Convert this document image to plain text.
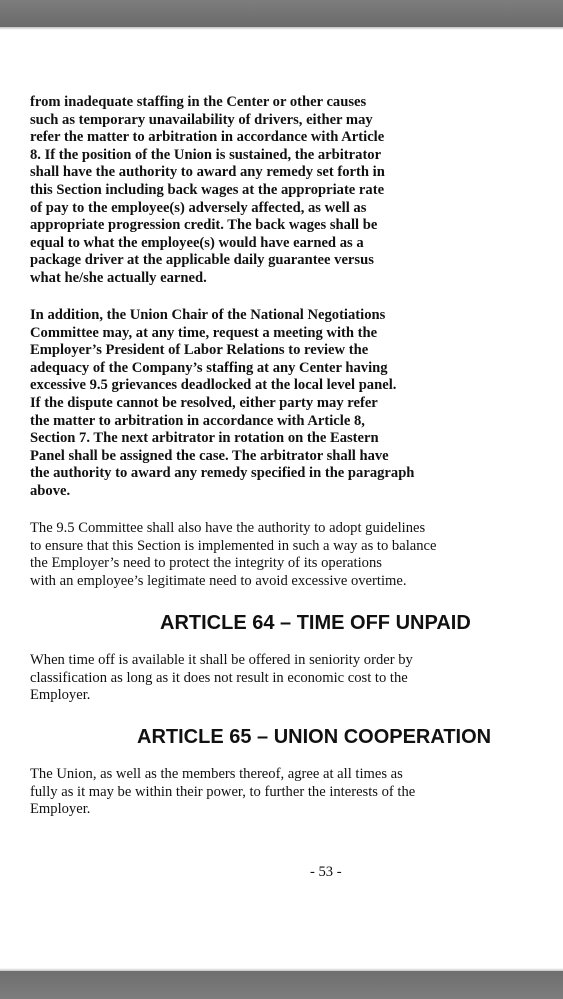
from inadequate staffing in the Center or other causes
such as temporary unavailability of drivers, either may
refer the matter to arbitration in accordance with Article
8. If the position of the Union is sustained, the arbitrator
shall have the authority to award any remedy set forth in
this Section including back wages at the appropriate rate
of pay to the employee(s) adversely affected, as well as
appropriate progression credit. The back wages shall be
equal to what the employee(s) would have earned as a
package driver at the applicable daily guarantee versus
what he/she actually earned.

In addition, the Union Chair of the National Negotiations
Committee may, at any time, request a meeting with the
Employer’s President of Labor Relations to review the
adequacy of the Company’s staffing at any Center having
excessive 9.5 grievances deadlocked at the local level panel.
If the dispute cannot be resolved, either party may refer
the matter to arbitration in accordance with Article 8,
Section 7. The next arbitrator in rotation on the Eastern
Panel shall be assigned the case. The arbitrator shall have
the authority to award any remedy specified in the paragraph
above.

The 9.5 Committee shall also have the authority to adopt guidelines
to ensure that this Section is implemented in such a way as to balance
the Employer’s need to protect the integrity of its operations
with an employee’s legitimate need to avoid excessive overtime.

ARTICLE 64 – TIME OFF UNPAID

When time off is available it shall be offered in seniority order by
classification as long as it does not result in economic cost to the
Employer.

ARTICLE 65 – UNION COOPERATION

The Union, as well as the members thereof, agree at all times as
fully as it may be within their power, to further the interests of the
Employer.

- 53 -
